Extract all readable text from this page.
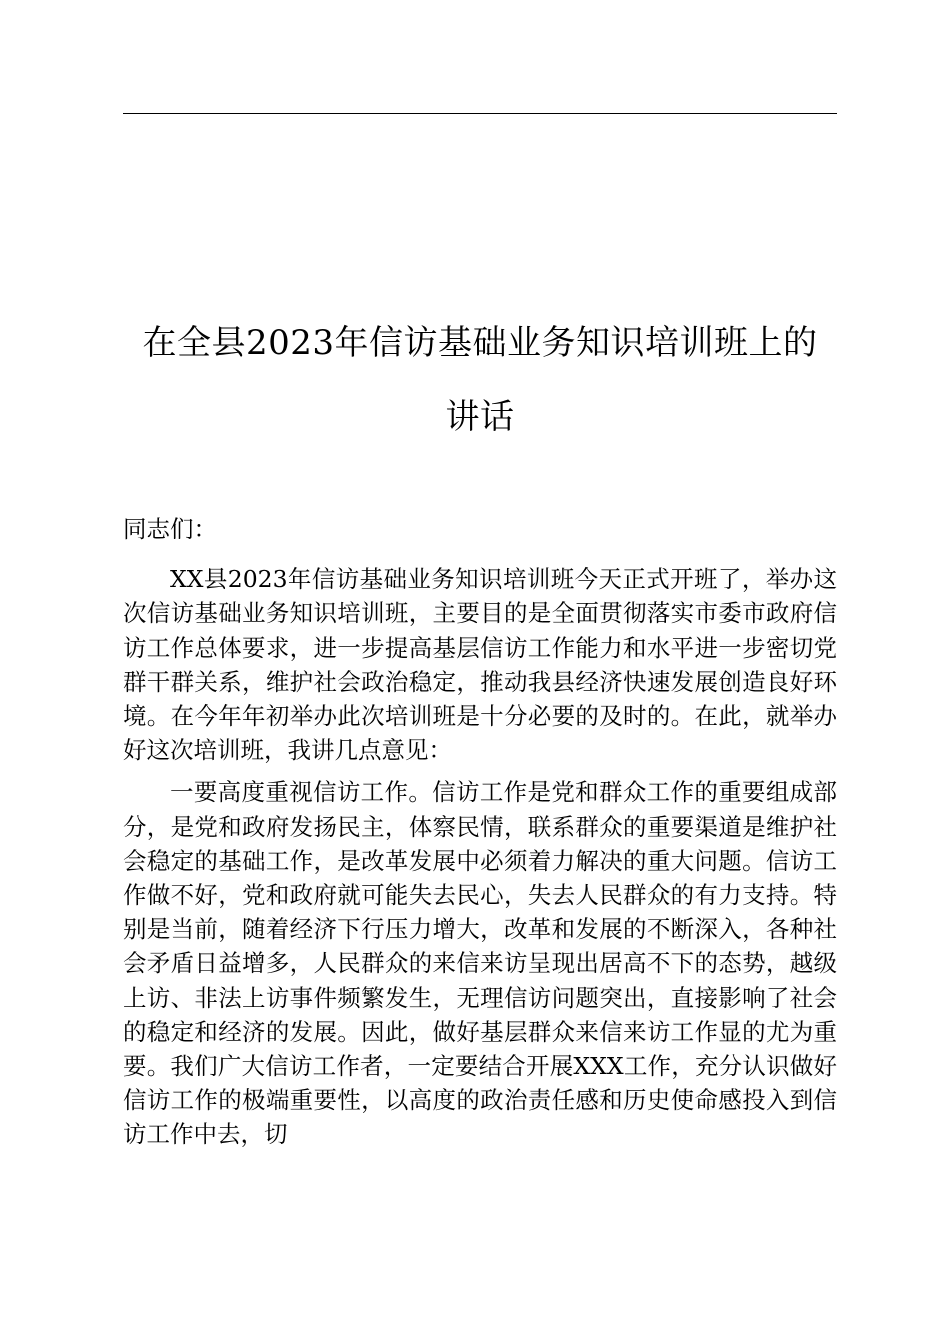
在全县2023年信访基础业务知识培训班上的
讲话

同志们：

XX县2023年信访基础业务知识培训班今天正式开班了，举办这次信访基础业务知识培训班，主要目的是全面贯彻落实市委市政府信访工作总体要求，进一步提高基层信访工作能力和水平进一步密切党群干群关系，维护社会政治稳定，推动我县经济快速发展创造良好环境。在今年年初举办此次培训班是十分必要的及时的。在此，就举办好这次培训班，我讲几点意见：

一要高度重视信访工作。信访工作是党和群众工作的重要组成部分，是党和政府发扬民主，体察民情，联系群众的重要渠道是维护社会稳定的基础工作，是改革发展中必须着力解决的重大问题。信访工作做不好，党和政府就可能失去民心，失去人民群众的有力支持。特别是当前，随着经济下行压力增大，改革和发展的不断深入，各种社会矛盾日益增多，人民群众的来信来访呈现出居高不下的态势，越级上访、非法上访事件频繁发生，无理信访问题突出，直接影响了社会的稳定和经济的发展。因此，做好基层群众来信来访工作显的尤为重要。我们广大信访工作者，一定要结合开展XXX工作，充分认识做好信访工作的极端重要性，以高度的政治责任感和历史使命感投入到信访工作中去，切
